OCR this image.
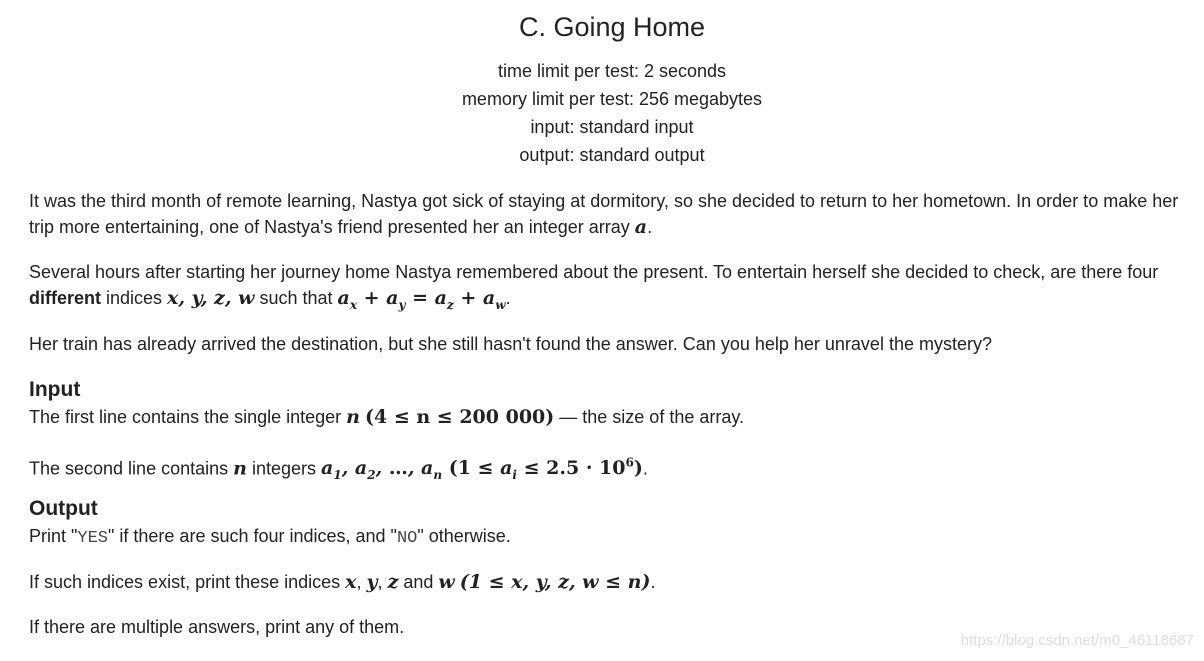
C. Going Home
time limit per test: 2 seconds
memory limit per test: 256 megabytes
input: standard input
output: standard output
It was the third month of remote learning, Nastya got sick of staying at dormitory, so she decided to return to her hometown. In order to make her trip more entertaining, one of Nastya's friend presented her an integer array a.
Several hours after starting her journey home Nastya remembered about the present. To entertain herself she decided to check, are there four different indices x, y, z, w such that $a_x + a_y = a_z + a_w$.
Her train has already arrived the destination, but she still hasn't found the answer. Can you help her unravel the mystery?
Input
The first line contains the single integer n (4 ≤ n ≤ 200 000) — the size of the array.
The second line contains n integers $a_1$, $a_2$, …, $a_n$ $(1 \le a_i \le 2.5 \cdot 10^6)$.
Output
Print "YES" if there are such four indices, and "NO" otherwise.
If such indices exist, print these indices x, y, z and w (1 ≤ x, y, z, w ≤ n).
If there are multiple answers, print any of them.
https://blog.csdn.net/m0_46118687
